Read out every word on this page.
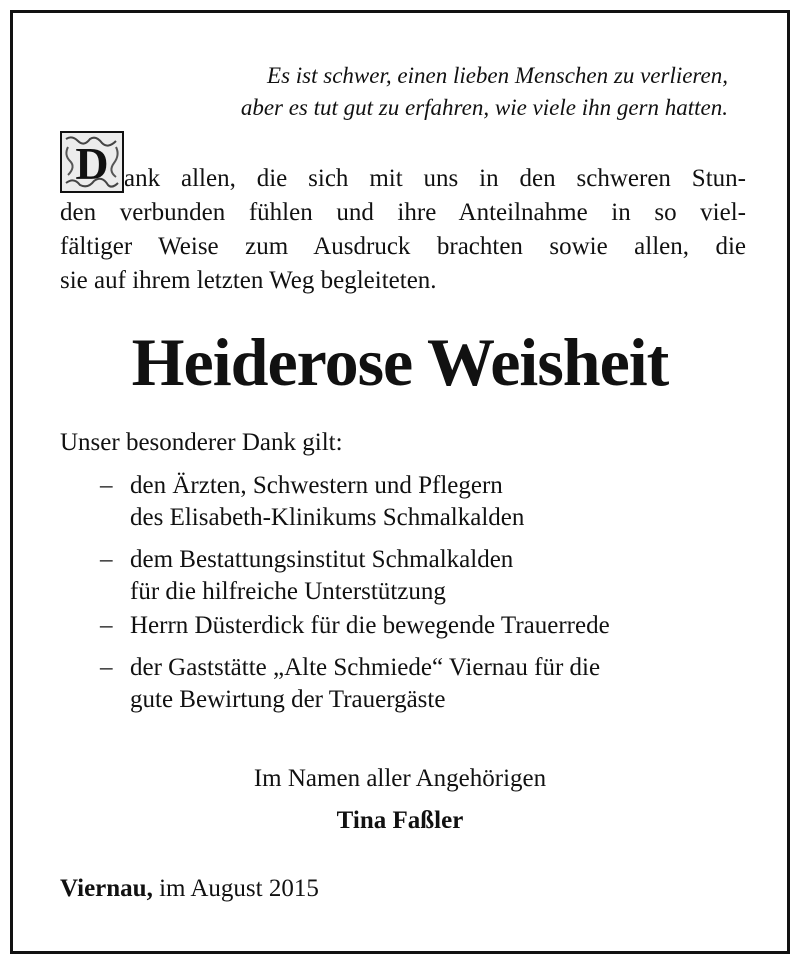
Es ist schwer, einen lieben Menschen zu verlieren,
aber es tut gut zu erfahren, wie viele ihn gern hatten.
D ank allen, die sich mit uns in den schweren Stun-
den verbunden fühlen und ihre Anteilnahme in so viel-
fältiger Weise zum Ausdruck brachten sowie allen, die
sie auf ihrem letzten Weg begleiteten.
Heiderose Weisheit
Unser besonderer Dank gilt:
– den Ärzten, Schwestern und Pflegern
des Elisabeth-Klinikums Schmalkalden
– dem Bestattungsinstitut Schmalkalden
für die hilfreiche Unterstützung
– Herrn Düsterdick für die bewegende Trauerrede
– der Gaststätte „Alte Schmiede“ Viernau für die
gute Bewirtung der Trauergäste
Im Namen aller Angehörigen
Tina Faßler
Viernau, im August 2015
